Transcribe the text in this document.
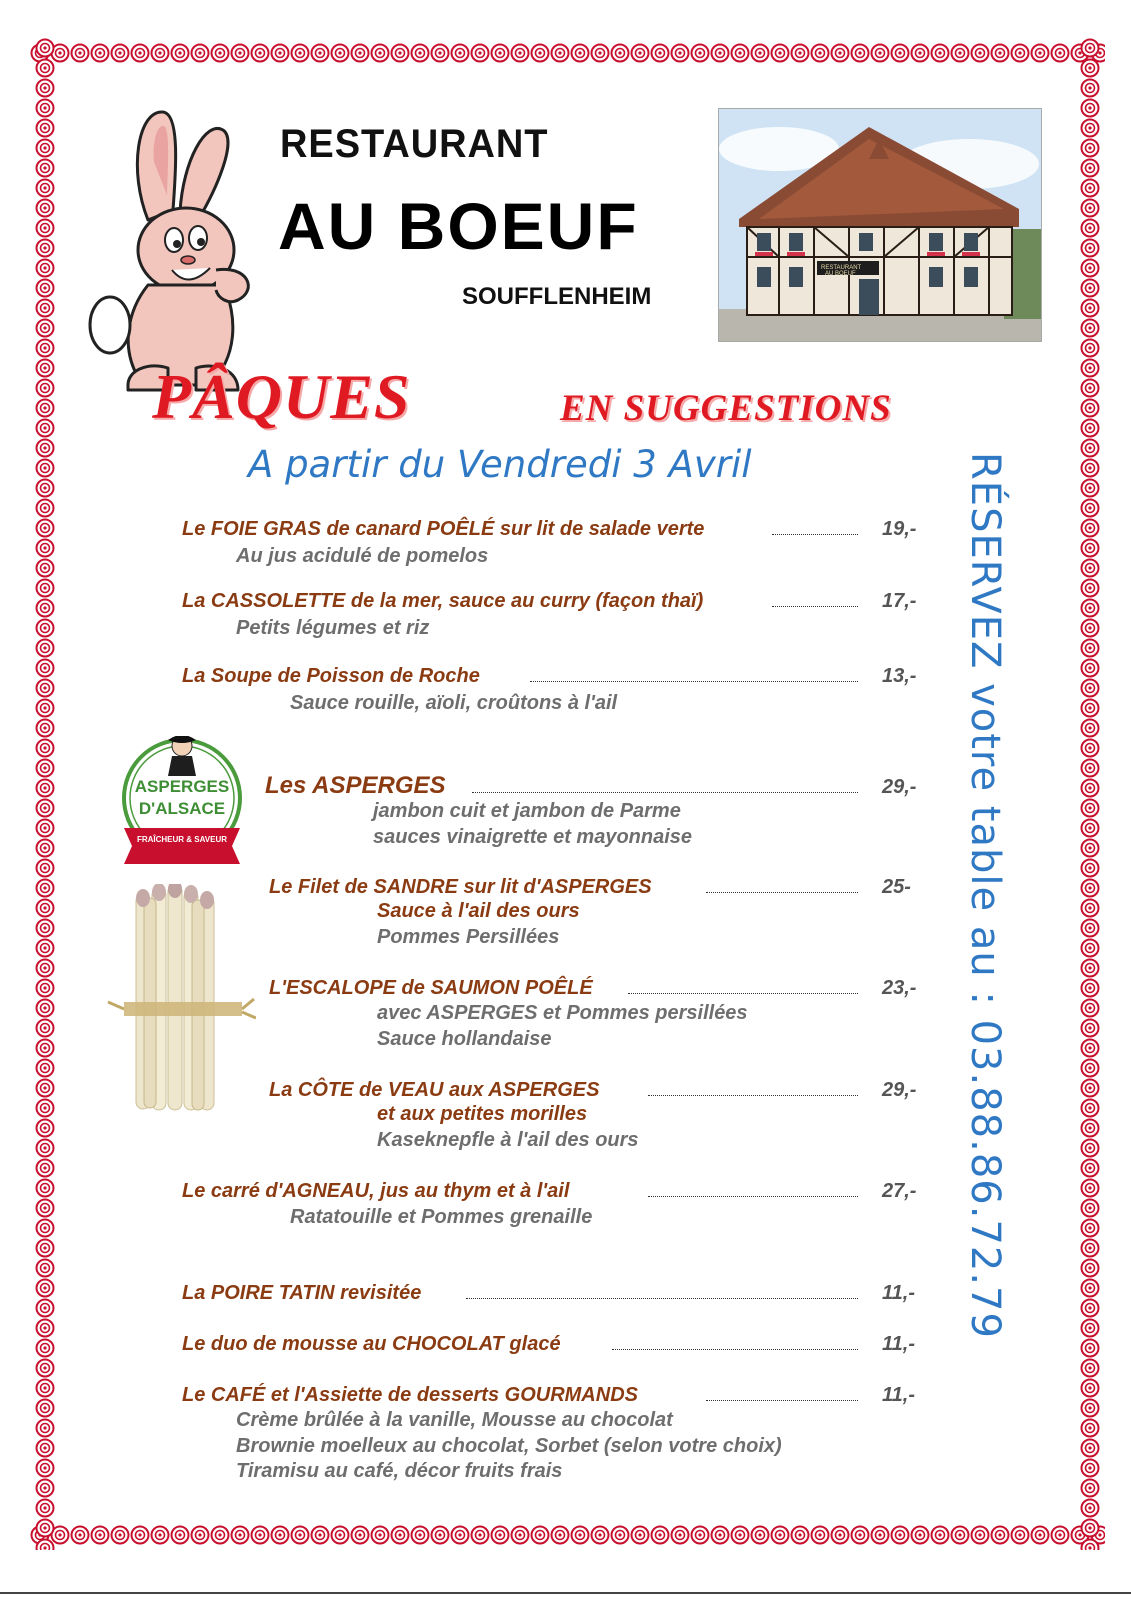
RESTAURANT
AU BOEUF
SOUFFLENHEIM
RESTAURANT
AU BOEUF
PÂQUES	EN SUGGESTIONS
A partir du Vendredi 3 Avril	RÉSERVEZ votre table au : 03.88.86.72.79
ASPERGES
D'ALSACE
FRAÎCHEUR & SAVEUR
Le FOIE GRAS de canard POÊLÉ sur lit de salade verte	19,-
Au jus acidulé de pomelos
La CASSOLETTE de la mer, sauce au curry (façon thaï)	17,-
Petits légumes et riz
La Soupe de Poisson de Roche	13,-
Sauce rouille, aïoli, croûtons à l'ail
Les ASPERGES	29,-
jambon cuit et jambon de Parme
sauces vinaigrette et mayonnaise
Le Filet de SANDRE sur lit d'ASPERGES	25-
Sauce à l'ail des ours
Pommes Persillées
L'ESCALOPE de SAUMON POÊLÉ	23,-
avec ASPERGES et Pommes persillées
Sauce hollandaise
La CÔTE de VEAU aux ASPERGES	29,-
et aux petites morilles
Kaseknepfle à l'ail des ours
Le carré d'AGNEAU, jus au thym et à l'ail	27,-
Ratatouille et Pommes grenaille
La POIRE TATIN revisitée	11,-
Le duo de mousse au CHOCOLAT glacé	11,-
Le CAFÉ et l'Assiette de desserts GOURMANDS	11,-
Crème brûlée à la vanille, Mousse au chocolat
Brownie moelleux au chocolat, Sorbet (selon votre choix)
Tiramisu au café, décor fruits frais
